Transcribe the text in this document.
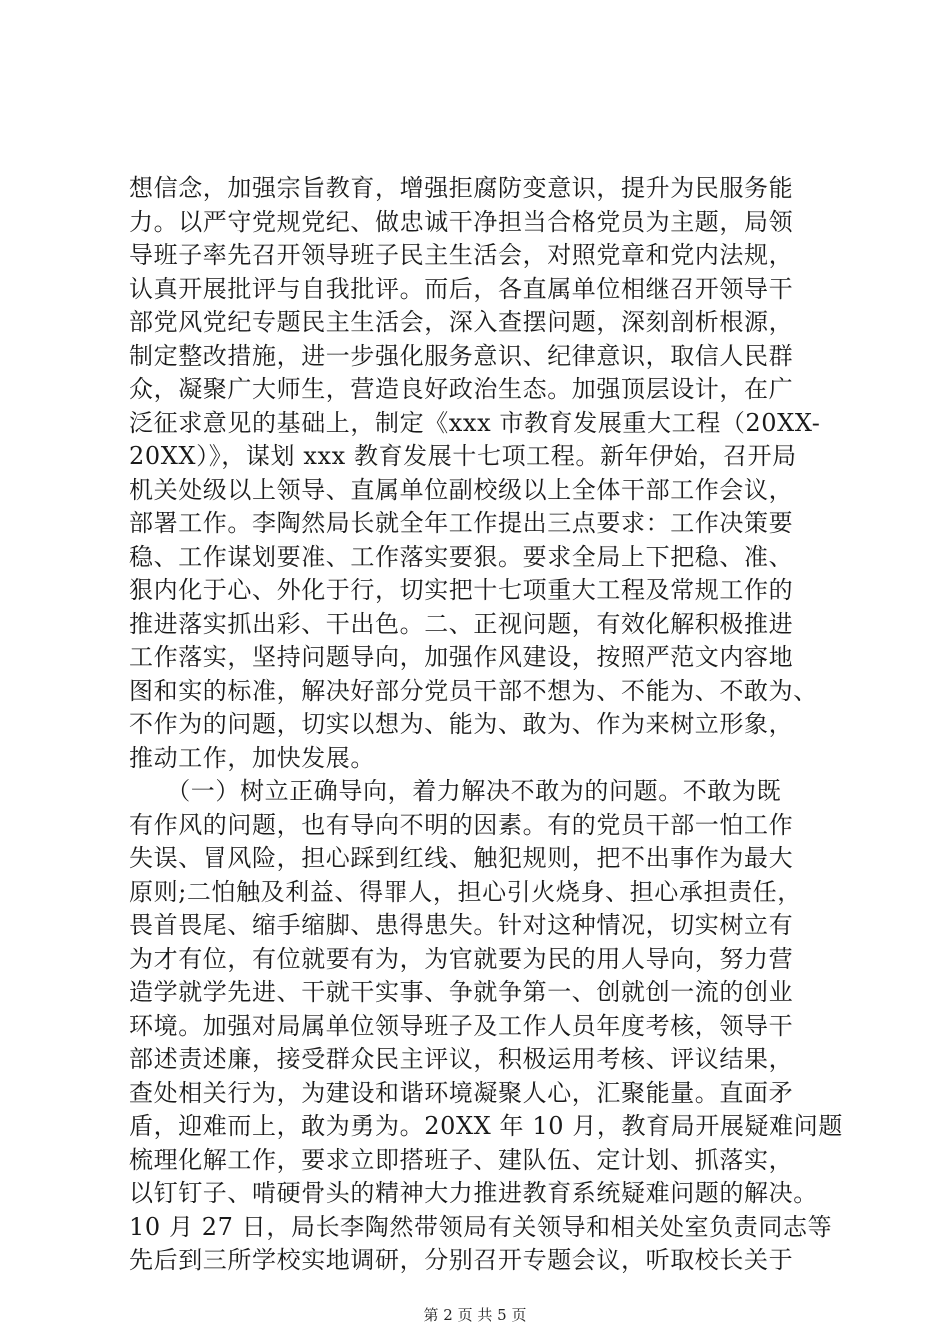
想信念，加强宗旨教育，增强拒腐防变意识，提升为民服务能
力。以严守党规党纪、做忠诚干净担当合格党员为主题，局领
导班子率先召开领导班子民主生活会，对照党章和党内法规，
认真开展批评与自我批评。而后，各直属单位相继召开领导干
部党风党纪专题民主生活会，深入查摆问题，深刻剖析根源，
制定整改措施，进一步强化服务意识、纪律意识，取信人民群
众，凝聚广大师生，营造良好政治生态。加强顶层设计，在广
泛征求意见的基础上，制定《xxx 市教育发展重大工程（20XX-
20XX）》，谋划 xxx 教育发展十七项工程。新年伊始，召开局
机关处级以上领导、直属单位副校级以上全体干部工作会议，
部署工作。李陶然局长就全年工作提出三点要求：工作决策要
稳、工作谋划要准、工作落实要狠。要求全局上下把稳、准、
狠内化于心、外化于行，切实把十七项重大工程及常规工作的
推进落实抓出彩、干出色。二、正视问题，有效化解积极推进
工作落实，坚持问题导向，加强作风建设，按照严范文内容地
图和实的标准，解决好部分党员干部不想为、不能为、不敢为、
不作为的问题，切实以想为、能为、敢为、作为来树立形象，
推动工作，加快发展。
　　（一）树立正确导向，着力解决不敢为的问题。不敢为既
有作风的问题，也有导向不明的因素。有的党员干部一怕工作
失误、冒风险，担心踩到红线、触犯规则，把不出事作为最大
原则;二怕触及利益、得罪人，担心引火烧身、担心承担责任，
畏首畏尾、缩手缩脚、患得患失。针对这种情况，切实树立有
为才有位，有位就要有为，为官就要为民的用人导向，努力营
造学就学先进、干就干实事、争就争第一、创就创一流的创业
环境。加强对局属单位领导班子及工作人员年度考核，领导干
部述责述廉，接受群众民主评议，积极运用考核、评议结果，
查处相关行为，为建设和谐环境凝聚人心，汇聚能量。直面矛
盾，迎难而上，敢为勇为。20XX 年 10 月，教育局开展疑难问题
梳理化解工作，要求立即搭班子、建队伍、定计划、抓落实，
以钉钉子、啃硬骨头的精神大力推进教育系统疑难问题的解决。
10 月 27 日，局长李陶然带领局有关领导和相关处室负责同志等
先后到三所学校实地调研，分别召开专题会议，听取校长关于
第 2 页 共 5 页
